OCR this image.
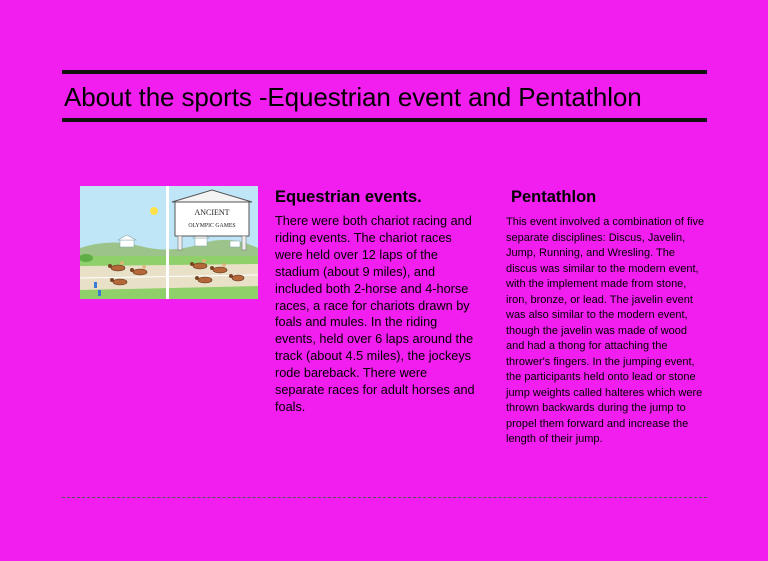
About the sports -Equestrian event and Pentathlon
ANCIENT
OLYMPIC GAMES
Equestrian events.

There were both chariot racing and riding events. The chariot races were held over 12 laps of the stadium (about 9 miles), and included both 2-horse and 4-horse races, a race for chariots drawn by foals and mules. In the riding events, held over 6 laps around the track (about 4.5 miles), the jockeys rode bareback. There were separate races for adult horses and foals.

Pentathlon

This event involved a combination of five separate disciplines: Discus, Javelin, Jump, Running, and Wresling. The discus was similar to the modern event, with the implement made from stone, iron, bronze, or lead. The javelin event was also similar to the modern event, though the javelin was made of wood and had a thong for attaching the thrower's fingers. In the jumping event, the participants held onto lead or stone jump weights called halteres which were thrown backwards during the jump to propel them forward and increase the length of their jump.
